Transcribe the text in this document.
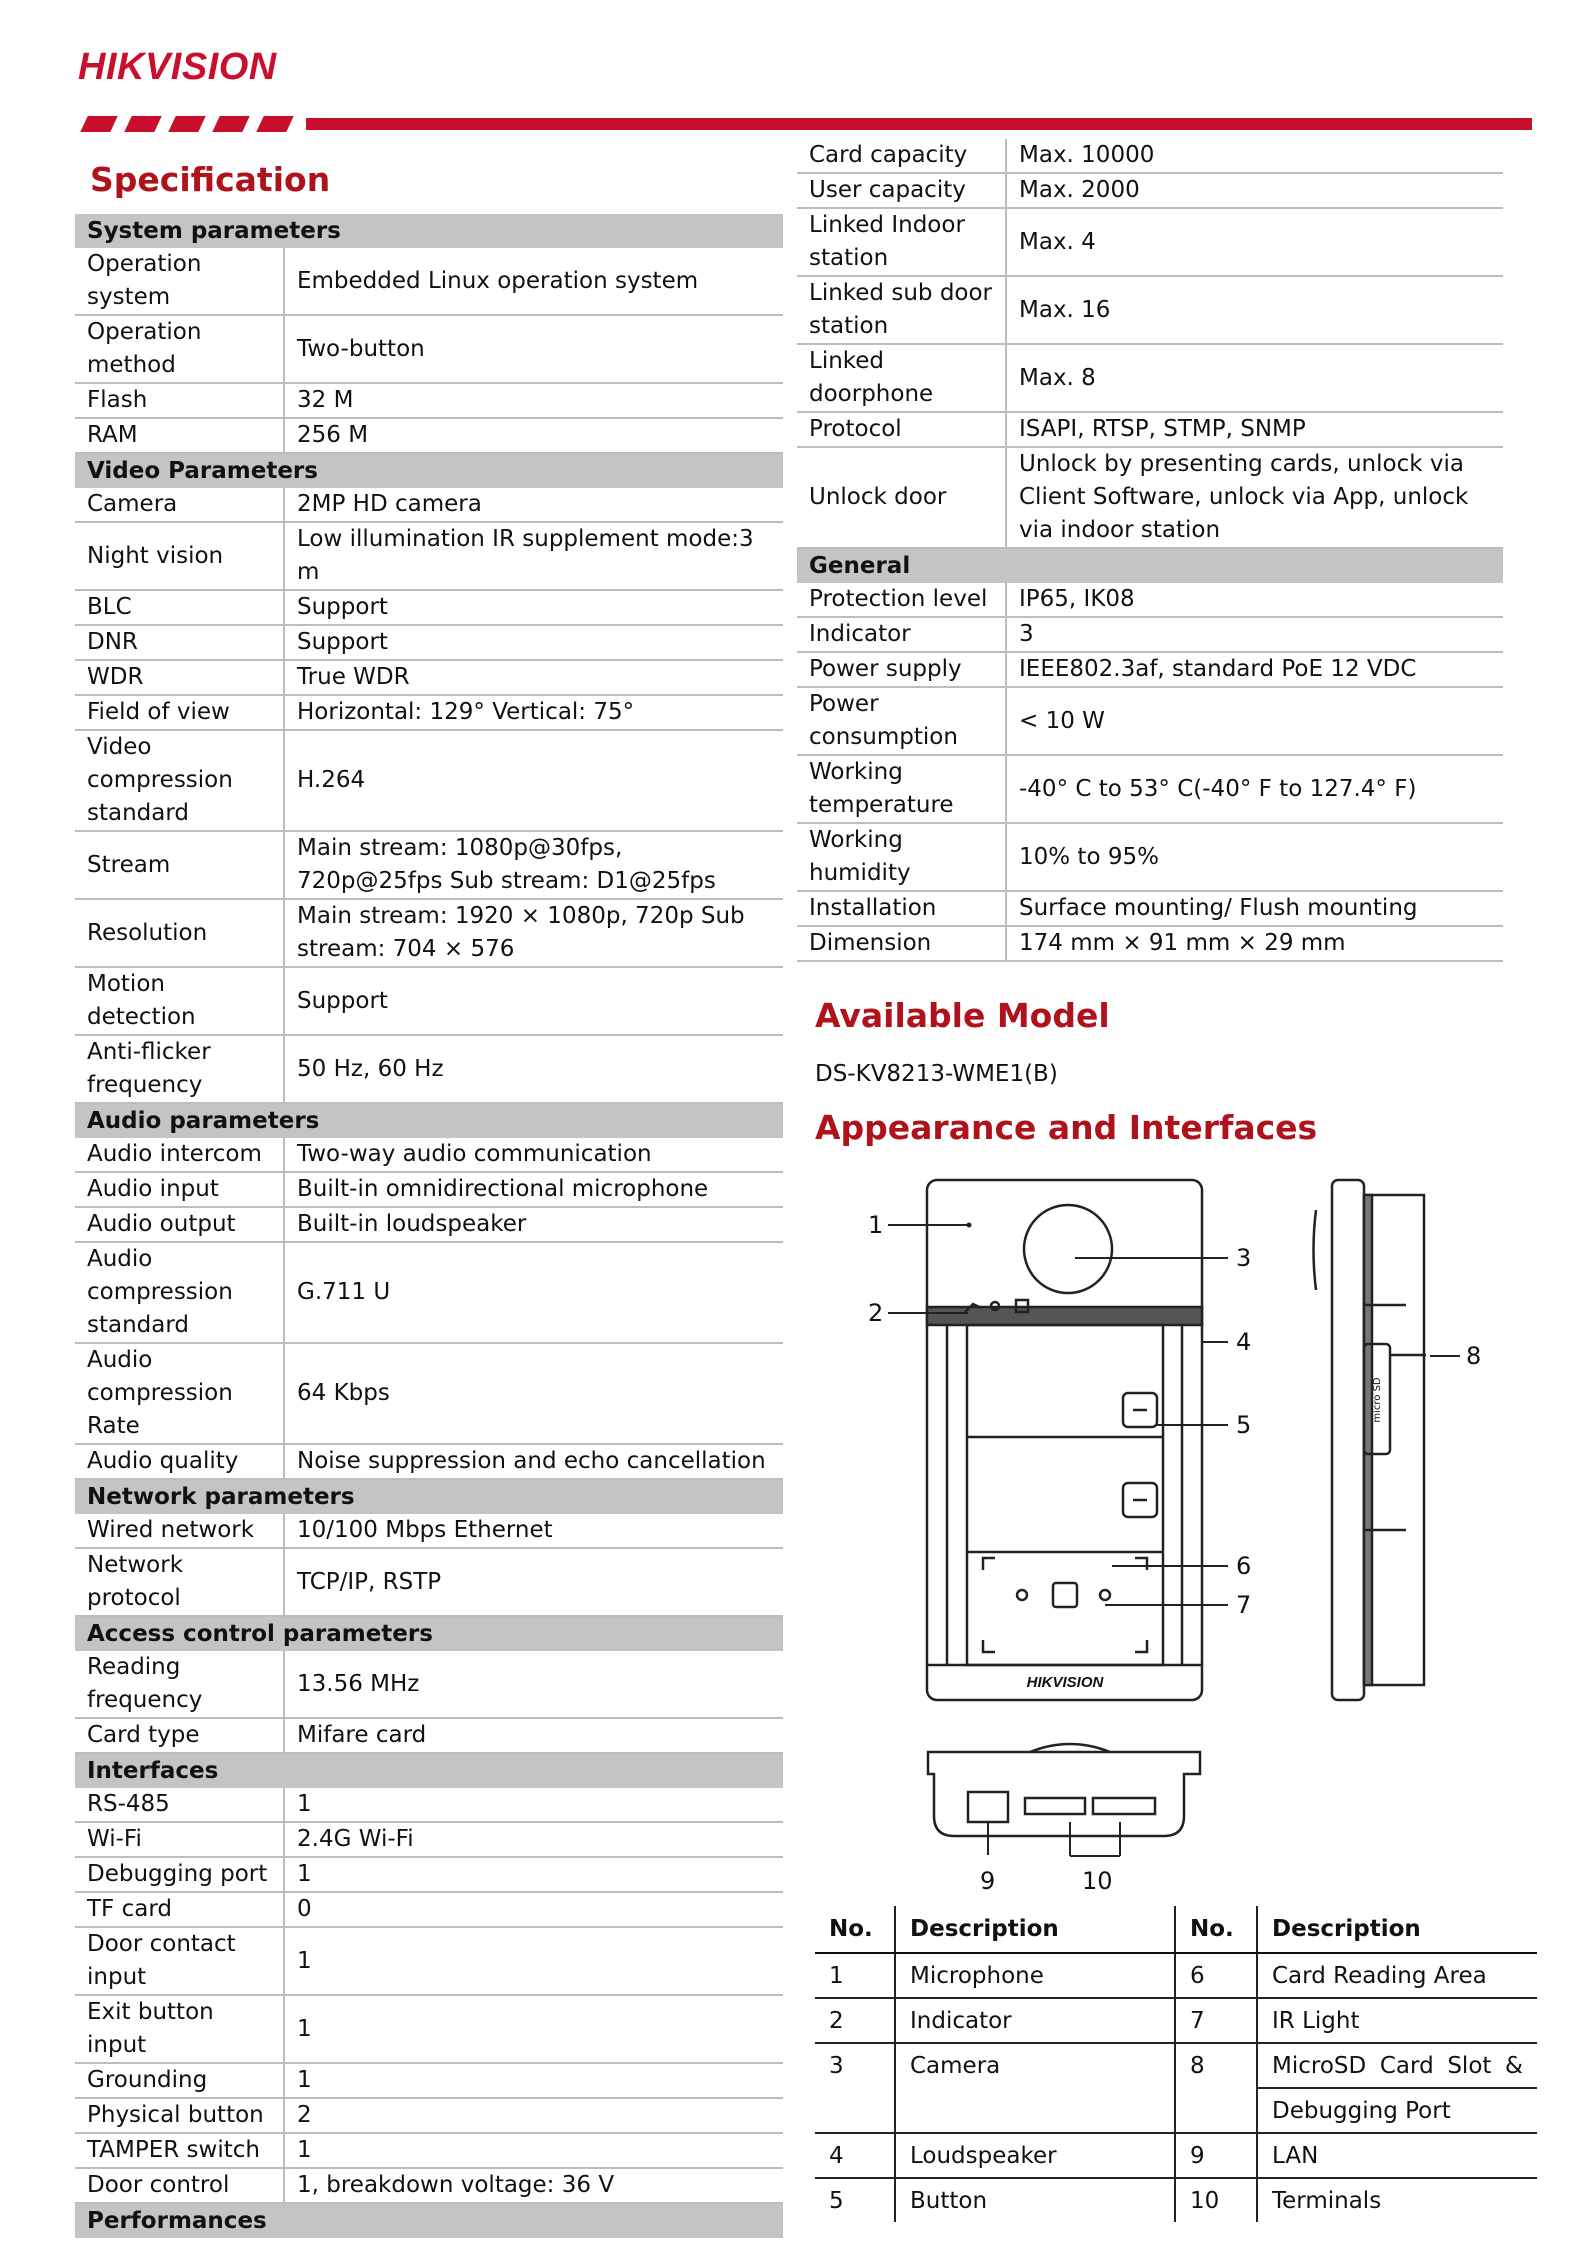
HIKVISION
Specification
System parameters	
Operation system	Embedded Linux operation system
Operation method	Two-button
Flash	32 M
RAM	256 M
Video Parameters	
Camera	2MP HD camera
Night vision	Low illumination IR supplement mode:3 m
BLC	Support
DNR	Support
WDR	True WDR
Field of view	Horizontal: 129° Vertical: 75°
Video compression standard	H.264
Stream	Main stream: 1080p@30fps, 720p@25fps Sub stream: D1@25fps
Resolution	Main stream: 1920 × 1080p, 720p Sub stream: 704 × 576
Motion detection	Support
Anti-flicker frequency	50 Hz, 60 Hz
Audio parameters	
Audio intercom	Two-way audio communication
Audio input	Built-in omnidirectional microphone
Audio output	Built-in loudspeaker
Audio compression standard	G.711 U
Audio compression Rate	64 Kbps
Audio quality	Noise suppression and echo cancellation
Network parameters	
Wired network	10/100 Mbps Ethernet
Network protocol	TCP/IP, RSTP
Access control parameters	
Reading frequency	13.56 MHz
Card type	Mifare card
Interfaces	
RS-485	1
Wi-Fi	2.4G Wi-Fi
Debugging port	1
TF card	0
Door contact input	1
Exit button input	1
Grounding	1
Physical button	2
TAMPER switch	1
Door control	1, breakdown voltage: 36 V
Performances	
Card capacity	Max. 10000
User capacity	Max. 2000
Linked Indoor station	Max. 4
Linked sub door station	Max. 16
Linked doorphone	Max. 8
Protocol	ISAPI, RTSP, STMP, SNMP
Unlock door	Unlock by presenting cards, unlock via Client Software, unlock via App, unlock via indoor station
General	
Protection level	IP65, IK08
Indicator	3
Power supply	IEEE802.3af, standard PoE 12 VDC
Power consumption	< 10 W
Working temperature	-40° C to 53° C(-40° F to 127.4° F)
Working humidity	10% to 95%
Installation	Surface mounting/ Flush mounting
Dimension	174 mm × 91 mm × 29 mm
Available Model
DS-KV8213-WME1(B)
Appearance and Interfaces
1
2
3
4
5
6
7
8
9	10
HIKVISION
micro SD
No.	Description	No.	Description
1	Microphone	6	Card Reading Area
2	Indicator	7	IR Light
3	Camera	8	MicroSD Card Slot &
			Debugging Port
4	Loudspeaker	9	LAN
5	Button	10	Terminals
